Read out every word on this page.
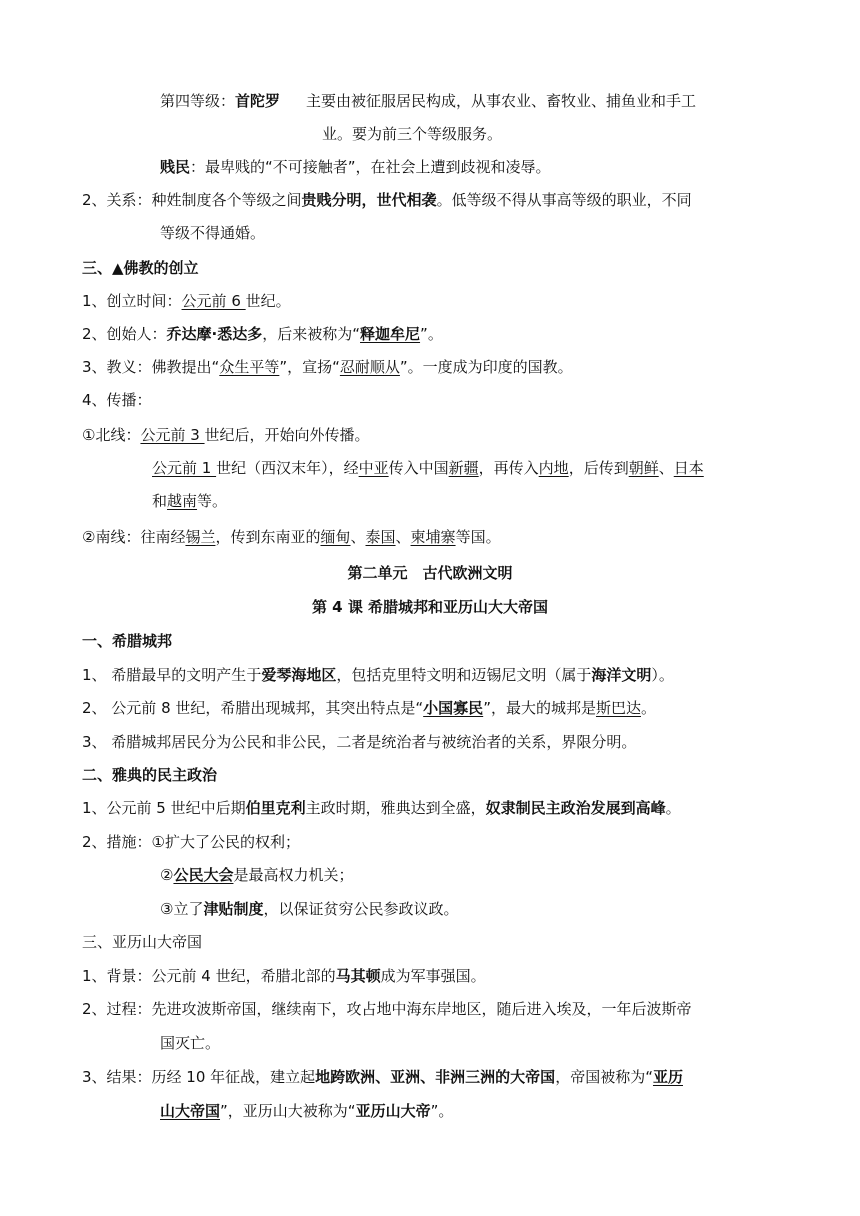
第四等级：首陀罗 主要由被征服居民构成，从事农业、畜牧业、捕鱼业和手工
业。要为前三个等级服务。
贱民：最卑贱的“不可接触者”，在社会上遭到歧视和凌辱。
2、关系：种姓制度各个等级之间贵贱分明，世代相袭。低等级不得从事高等级的职业，不同
等级不得通婚。
三、▲佛教的创立
1、创立时间：公元前 6 世纪。
2、创始人：乔达摩·悉达多，后来被称为“释迦牟尼”。
3、教义：佛教提出“众生平等”，宣扬“忍耐顺从”。一度成为印度的国教。
4、传播：
①北线：公元前 3 世纪后，开始向外传播。
公元前 1 世纪（西汉末年），经中亚传入中国新疆，再传入内地，后传到朝鲜、日本
和越南等。
②南线：往南经锡兰，传到东南亚的缅甸、泰国、柬埔寨等国。
第二单元　古代欧洲文明
第 4 课 希腊城邦和亚历山大大帝国
一、希腊城邦
1、 希腊最早的文明产生于爱琴海地区，包括克里特文明和迈锡尼文明（属于海洋文明）。
2、 公元前 8 世纪，希腊出现城邦，其突出特点是“小国寡民”，最大的城邦是斯巴达。
3、 希腊城邦居民分为公民和非公民，二者是统治者与被统治者的关系，界限分明。
二、雅典的民主政治
1、公元前 5 世纪中后期伯里克利主政时期，雅典达到全盛，奴隶制民主政治发展到高峰。
2、措施：①扩大了公民的权利；
②公民大会是最高权力机关；
③立了津贴制度，以保证贫穷公民参政议政。
三、亚历山大帝国
1、背景：公元前 4 世纪，希腊北部的马其顿成为军事强国。
2、过程：先进攻波斯帝国，继续南下，攻占地中海东岸地区，随后进入埃及，一年后波斯帝
国灭亡。
3、结果：历经 10 年征战，建立起地跨欧洲、亚洲、非洲三洲的大帝国，帝国被称为“亚历
山大帝国”，亚历山大被称为“亚历山大帝”。
